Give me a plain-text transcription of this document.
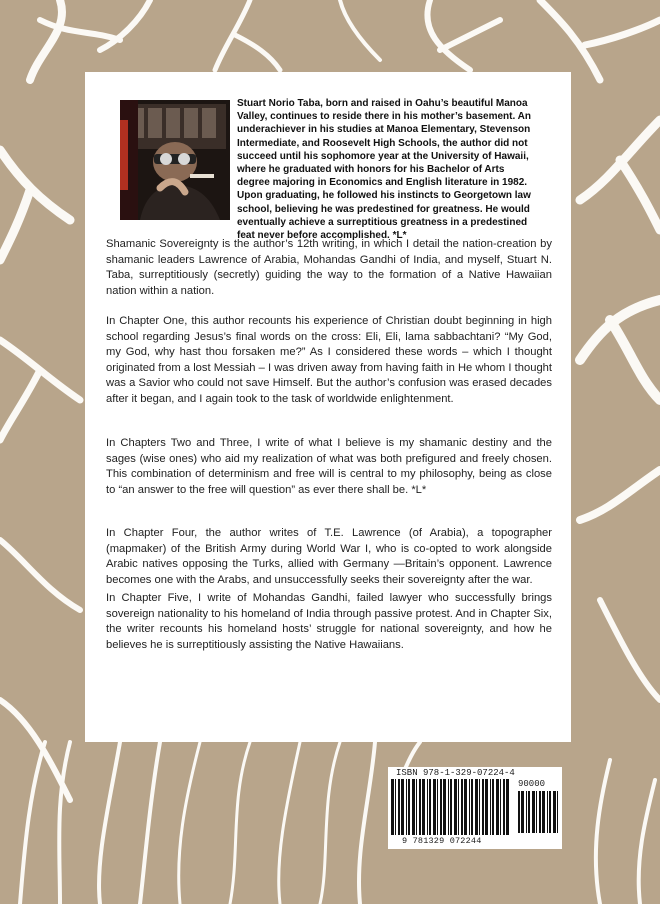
Stuart Norio Taba, born and raised in Oahu’s beautiful Manoa Valley, continues to reside there in his mother’s basement. An underachiever in his studies at Manoa Elementary, Stevenson Intermediate, and Roosevelt High Schools, the author did not succeed until his sophomore year at the University of Hawaii, where he graduated with honors for his Bachelor of Arts degree majoring in Economics and English literature in 1982. Upon graduating, he followed his instincts to Georgetown law school, believing he was predestined for greatness. He would eventually achieve a surreptitious greatness in a predestined feat never before accomplished. *L*

Shamanic Sovereignty is the author’s 12th writing, in which I detail the nation-creation by shamanic leaders Lawrence of Arabia, Mohandas Gandhi of India, and myself, Stuart N. Taba, surreptitiously (secretly) guiding the way to the formation of a Native Hawaiian nation within a nation.

In Chapter One, this author recounts his experience of Christian doubt beginning in high school regarding Jesus’s final words on the cross: Eli, Eli, lama sabbachtani? “My God, my God, why hast thou forsaken me?” As I considered these words – which I thought originated from a lost Messiah – I was driven away from having faith in He whom I thought was a Savior who could not save Himself. But the author’s confusion was erased decades after it began, and I again took to the task of worldwide enlightenment.

In Chapters Two and Three, I write of what I believe is my shamanic destiny and the sages (wise ones) who aid my realization of what was both prefigured and freely chosen. This combination of determinism and free will is central to my philosophy, being as close to “an answer to the free will question” as ever there shall be. *L*

In Chapter Four, the author writes of T.E. Lawrence (of Arabia), a topographer (mapmaker) of the British Army during World War I, who is co-opted to work alongside Arabic natives opposing the Turks, allied with Germany —Britain’s opponent. Lawrence becomes one with the Arabs, and unsuccessfully seeks their sovereignty after the war.

In Chapter Five, I write of Mohandas Gandhi, failed lawyer who successfully brings sovereign nationality to his homeland of India through passive protest. And in Chapter Six, the writer recounts his homeland hosts’ struggle for national sovereignty, and how he believes he is surreptitiously assisting the Native Hawaiians.

ISBN 978-1-329-07224-4
90000
9 781329 072244
